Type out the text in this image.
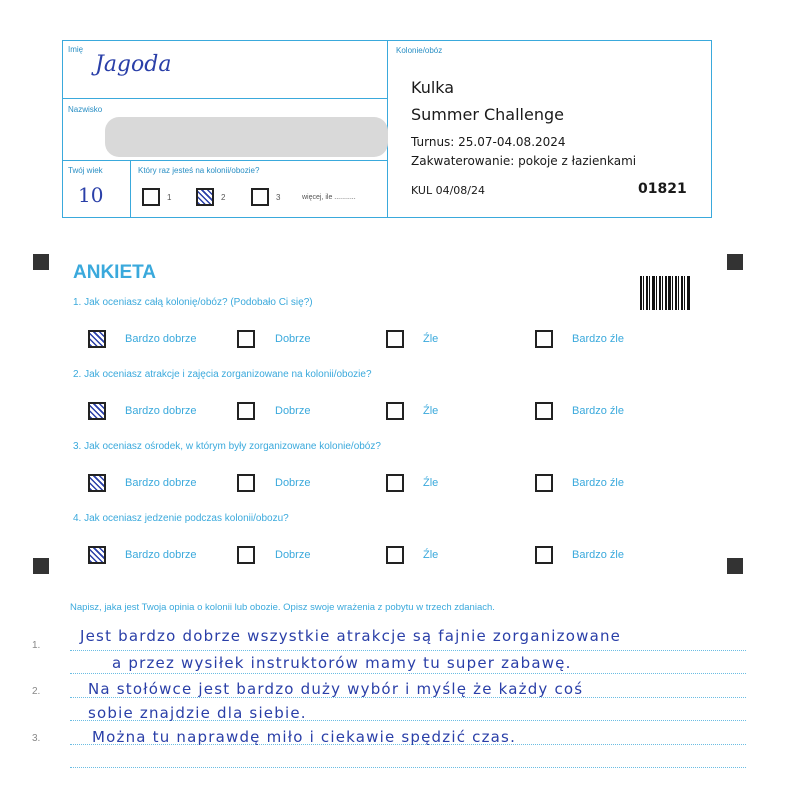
Imię
Jagoda
Nazwisko
Twój wiek
10
Który raz jesteś na kolonii/obozie?
1	2	3	więcej, ile ...........
Kolonie/obóz
Kulka
Summer Challenge
Turnus: 25.07-04.08.2024
Zakwaterowanie: pokoje z łazienkami
KUL 04/08/24	01821
ANKIETA
1. Jak oceniasz całą kolonię/obóz? (Podobało Ci się?)
Bardzo dobrze	Dobrze	Źle	Bardzo źle
2. Jak oceniasz atrakcje i zajęcia zorganizowane na kolonii/obozie?
Bardzo dobrze	Dobrze	Źle	Bardzo źle
3. Jak oceniasz ośrodek, w którym były zorganizowane kolonie/obóz?
Bardzo dobrze	Dobrze	Źle	Bardzo źle
4. Jak oceniasz jedzenie podczas kolonii/obozu?
Bardzo dobrze	Dobrze	Źle	Bardzo źle
Napisz, jaka jest Twoja opinia o kolonii lub obozie. Opisz swoje wrażenia z pobytu w trzech zdaniach.
1.
2.
3.
Jest bardzo dobrze wszystkie atrakcje są fajnie zorganizowane
a przez wysiłek instruktorów mamy tu super zabawę.
Na stołówce jest bardzo duży wybór i myślę że każdy coś
sobie znajdzie dla siebie.
Można tu naprawdę miło i ciekawie spędzić czas.
